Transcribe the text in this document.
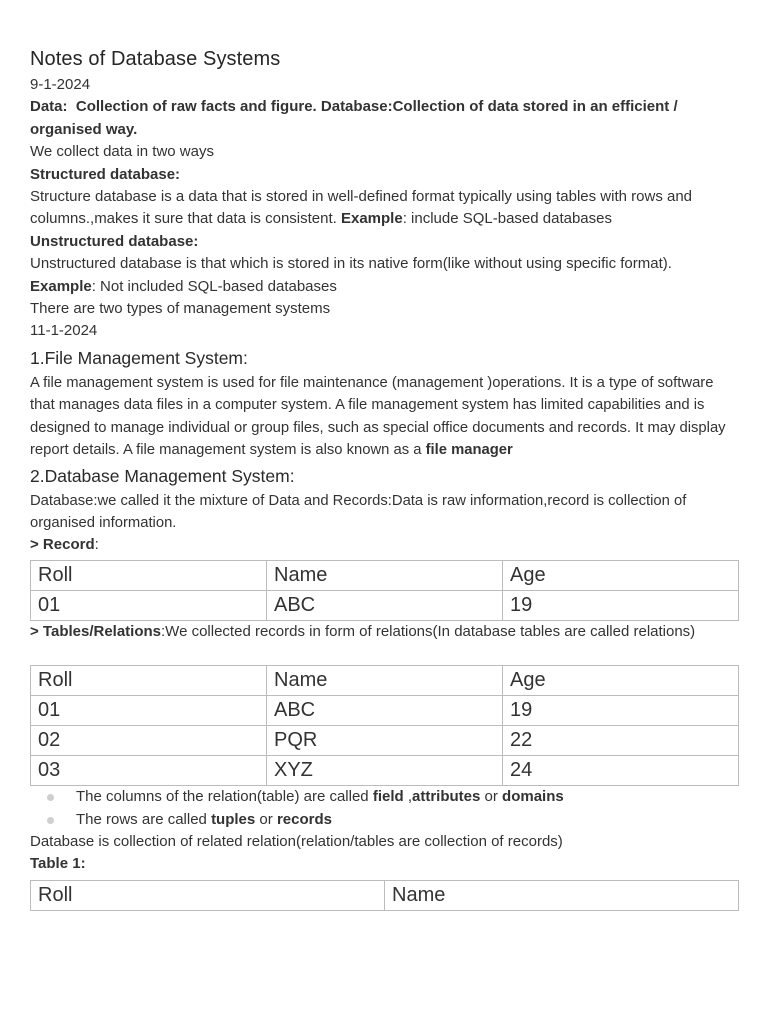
Notes of Database Systems

9-1-2024

Data: Collection of raw facts and figure. Database:Collection of data stored in an efficient / organised way.

We collect data in two ways

Structured database:

Structure database is a data that is stored in well-defined format typically using tables with rows and columns.,makes it sure that data is consistent. Example: include SQL-based databases

Unstructured database:

Unstructured database is that which is stored in its native form(like without using specific format). Example: Not included SQL-based databases

There are two types of management systems

11-1-2024

1.File Management System:

A file management system is used for file maintenance (management )operations. It is a type of software that manages data files in a computer system. A file management system has limited capabilities and is designed to manage individual or group files, such as special office documents and records. It may display report details. A file management system is also known as a file manager

2.Database Management System:

Database:we called it the mixture of Data and Records:Data is raw information,record is collection of organised information.

> Record:

Roll	Name	Age
01	ABC	19

> Tables/Relations:We collected records in form of relations(In database tables are called relations)

Roll	Name	Age
01	ABC	19
02	PQR	22
03	XYZ	24
The columns of the relation(table) are called field ,attributes or domains
The rows are called tuples or records

Database is collection of related relation(relation/tables are collection of records)

Table 1:

Roll	Name
